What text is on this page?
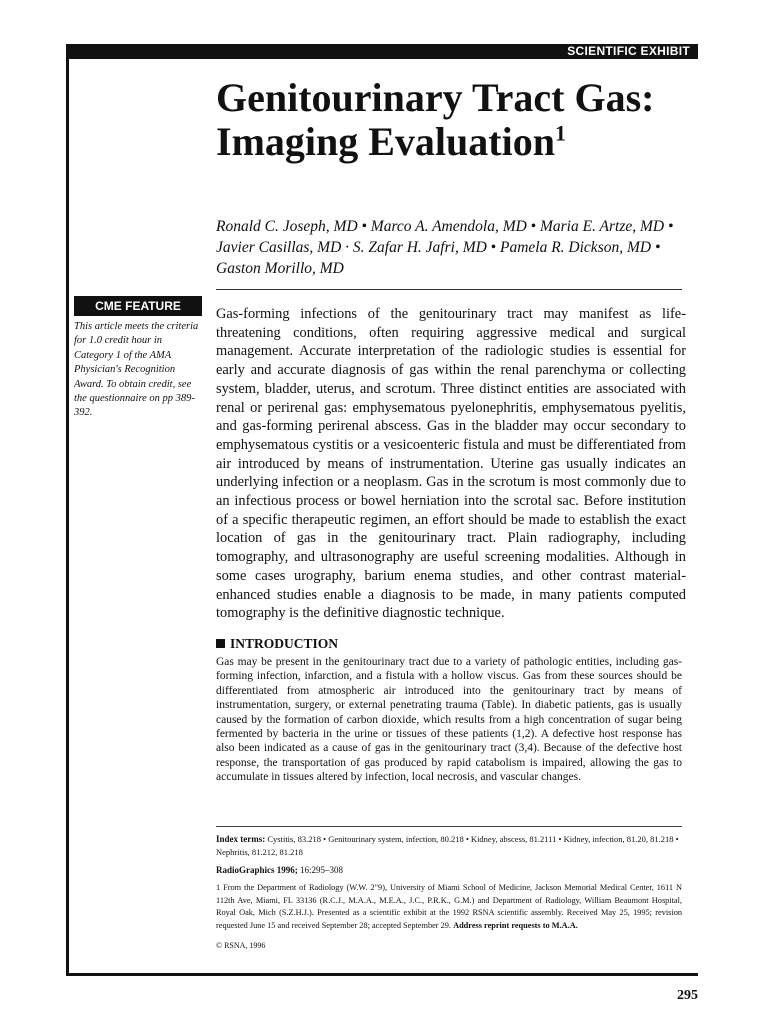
SCIENTIFIC EXHIBIT
Genitourinary Tract Gas: Imaging Evaluation$^1$

Ronald C. Joseph, MD • Marco A. Amendola, MD • Maria E. Artze, MD • Javier Casillas, MD · S. Zafar H. Jafri, MD • Pamela R. Dickson, MD • Gaston Morillo, MD

CME FEATURE

This article meets the criteria for 1.0 credit hour in Category 1 of the AMA Physician's Recognition Award. To obtain credit, see the questionnaire on pp 389-392.

Gas-forming infections of the genitourinary tract may manifest as life-threatening conditions, often requiring aggressive medical and surgical management. Accurate interpretation of the radiologic studies is essential for early and accurate diagnosis of gas within the renal parenchyma or collecting system, bladder, uterus, and scrotum. Three distinct entities are associated with renal or perirenal gas: emphysematous pyelonephritis, emphysematous pyelitis, and gas-forming perirenal abscess. Gas in the bladder may occur secondary to emphysematous cystitis or a vesicoenteric fistula and must be differentiated from air introduced by means of instrumentation. Uterine gas usually indicates an underlying infection or a neoplasm. Gas in the scrotum is most commonly due to an infectious process or bowel herniation into the scrotal sac. Before institution of a specific therapeutic regimen, an effort should be made to establish the exact location of gas in the genitourinary tract. Plain radiography, including tomography, and ultrasonography are useful screening modalities. Although in some cases urography, barium enema studies, and other contrast material-enhanced studies enable a diagnosis to be made, in many patients computed tomography is the definitive diagnostic technique.

INTRODUCTION

Gas may be present in the genitourinary tract due to a variety of pathologic entities, including gas-forming infection, infarction, and a fistula with a hollow viscus. Gas from these sources should be differentiated from atmospheric air introduced into the genitourinary tract by means of instrumentation, surgery, or external penetrating trauma (Table). In diabetic patients, gas is usually caused by the formation of carbon dioxide, which results from a high concentration of sugar being fermented by bacteria in the urine or tissues of these patients (1,2). A defective host response has also been indicated as a cause of gas in the genitourinary tract (3,4). Because of the defective host response, the transportation of gas produced by rapid catabolism is impaired, allowing the gas to accumulate in tissues altered by infection, local necrosis, and vascular changes.

Index terms: Cystitis, 83.218 • Genitourinary system, infection, 80.218 • Kidney, abscess, 81.2111 • Kidney, infection, 81.20, 81.218 • Nephritis, 81.212, 81.218

RadioGraphics 1996; 16:295–308

1 From the Department of Radiology (W.W. 2"9), University of Miami School of Medicine, Jackson Memorial Medical Center, 1611 N 112th Ave, Miami, FL 33136 (R.C.J., M.A.A., M.E.A., J.C., P.R.K., G.M.) and Department of Radiology, William Beaumont Hospital, Royal Oak, Mich (S.Z.H.J.). Presented as a scientific exhibit at the 1992 RSNA scientific assembly. Received May 25, 1995; revision requested June 15 and received September 28; accepted September 29. Address reprint requests to M.A.A.

© RSNA, 1996

295
